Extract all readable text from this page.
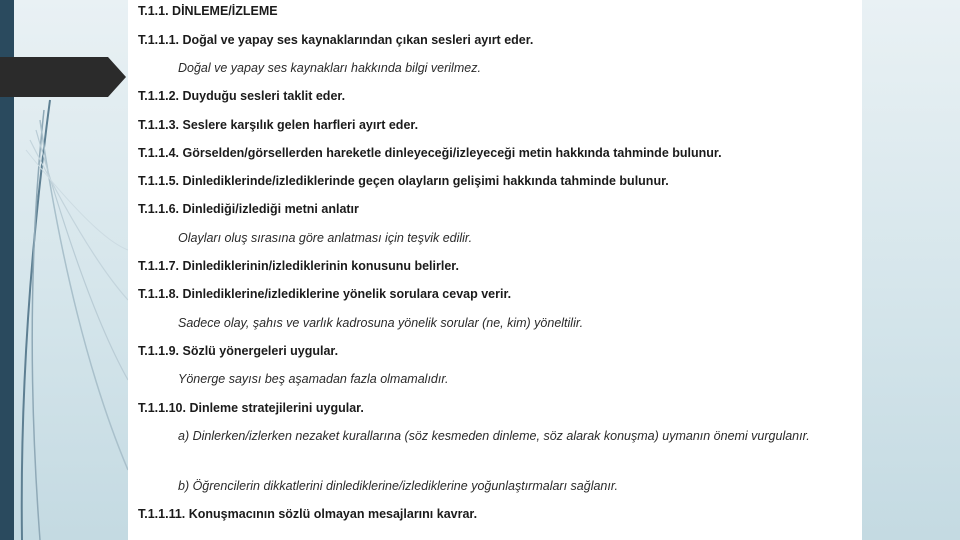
T.1.1. DİNLEME/İZLEME
T.1.1.1. Doğal ve yapay ses kaynaklarından çıkan sesleri ayırt eder.
Doğal ve yapay ses kaynakları hakkında bilgi verilmez.
T.1.1.2. Duyduğu sesleri taklit eder.
T.1.1.3. Seslere karşılık gelen harfleri ayırt eder.
T.1.1.4. Görselden/görsellerden hareketle dinleyeceği/izleyeceği metin hakkında tahminde bulunur.
T.1.1.5. Dinlediklerinde/izlediklerinde geçen olayların gelişimi hakkında tahminde bulunur.
T.1.1.6. Dinlediği/izlediği metni anlatır
Olayları oluş sırasına göre anlatması için teşvik edilir.
T.1.1.7. Dinlediklerinin/izlediklerinin konusunu belirler.
T.1.1.8. Dinlediklerine/izlediklerine yönelik sorulara cevap verir.
Sadece olay, şahıs ve varlık kadrosuna yönelik sorular (ne, kim) yöneltilir.
T.1.1.9. Sözlü yönergeleri uygular.
Yönerge sayısı beş aşamadan fazla olmamalıdır.
T.1.1.10. Dinleme stratejilerini uygular.
a) Dinlerken/izlerken nezaket kurallarına (söz kesmeden dinleme, söz alarak konuşma) uymanın önemi vurgulanır.
b) Öğrencilerin dikkatlerini dinlediklerine/izlediklerine yoğunlaştırmaları sağlanır.
T.1.1.11. Konuşmacının sözlü olmayan mesajlarını kavrar.
